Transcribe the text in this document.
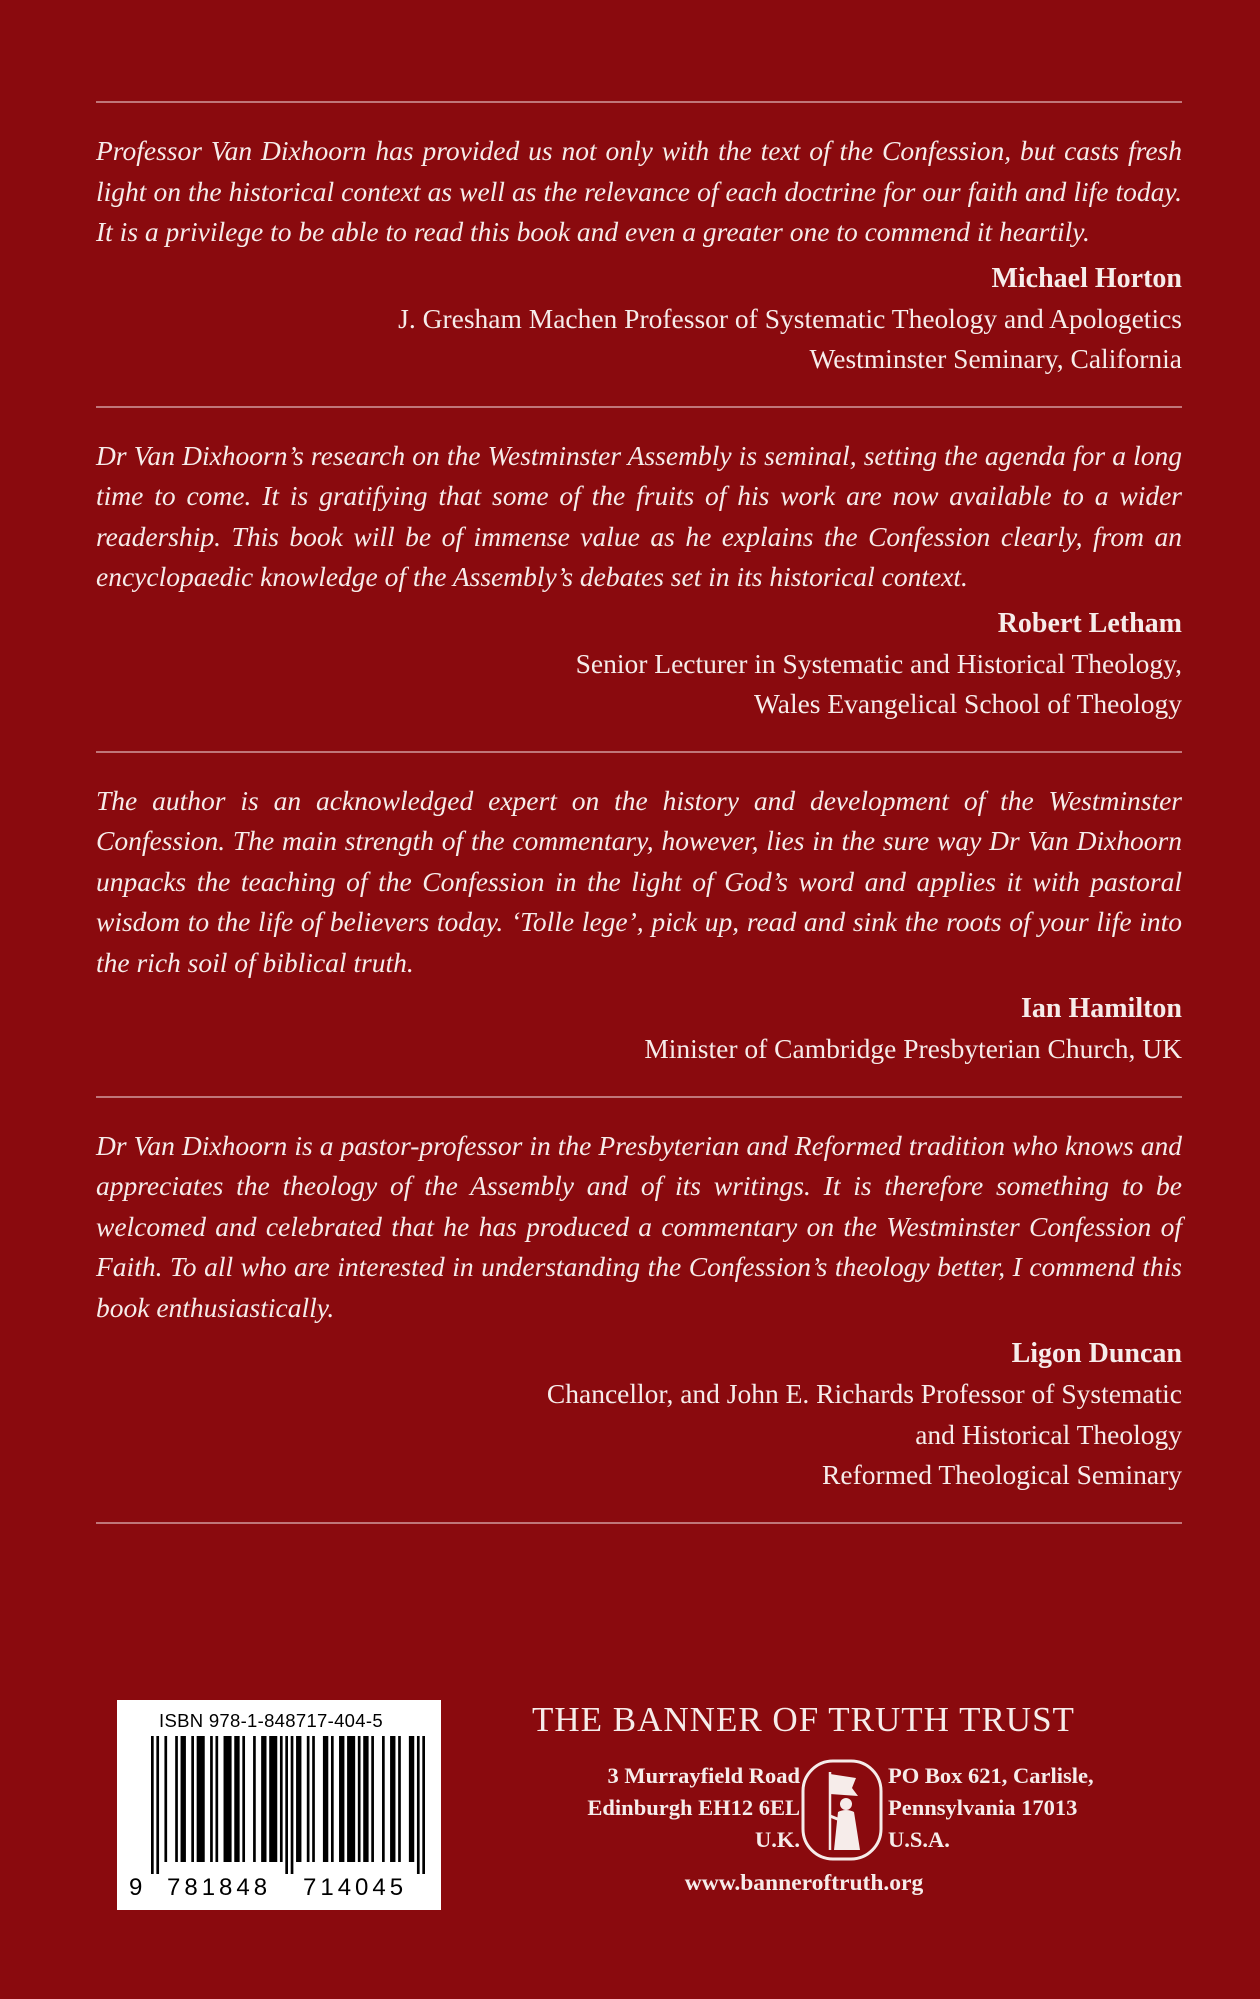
Professor Van Dixhoorn has provided us not only with the text of the Confession, but casts fresh light on the historical context as well as the relevance of each doctrine for our faith and life today. It is a privilege to be able to read this book and even a greater one to commend it heartily.

Michael Horton
J. Gresham Machen Professor of Systematic Theology and Apologetics
Westminster Seminary, California

Dr Van Dixhoorn’s research on the Westminster Assembly is seminal, setting the agenda for a long time to come. It is gratifying that some of the fruits of his work are now available to a wider readership. This book will be of immense value as he explains the Confession clearly, from an encyclopaedic knowledge of the Assembly’s debates set in its historical context.

Robert Letham
Senior Lecturer in Systematic and Historical Theology,
Wales Evangelical School of Theology

The author is an acknowledged expert on the history and development of the Westminster Confession. The main strength of the commentary, however, lies in the sure way Dr Van Dixhoorn unpacks the teaching of the Confession in the light of God’s word and applies it with pastoral wisdom to the life of believers today. ‘Tolle lege’, pick up, read and sink the roots of your life into the rich soil of biblical truth.

Ian Hamilton
Minister of Cambridge Presbyterian Church, UK

Dr Van Dixhoorn is a pastor-professor in the Presbyterian and Reformed tradition who knows and appreciates the theology of the Assembly and of its writings. It is therefore something to be welcomed and celebrated that he has produced a commentary on the Westminster Confession of Faith. To all who are interested in understanding the Confession’s theology better, I commend this book enthusiastically.

Ligon Duncan
Chancellor, and John E. Richards Professor of Systematic
and Historical Theology
Reformed Theological Seminary
ISBN 978-1-848717-404-5
9 781848 714045
THE BANNER OF TRUTH TRUST
3 Murrayfield Road
Edinburgh EH12 6EL
U.K.
PO Box 621, Carlisle,
Pennsylvania 17013
U.S.A.
www.banneroftruth.org
